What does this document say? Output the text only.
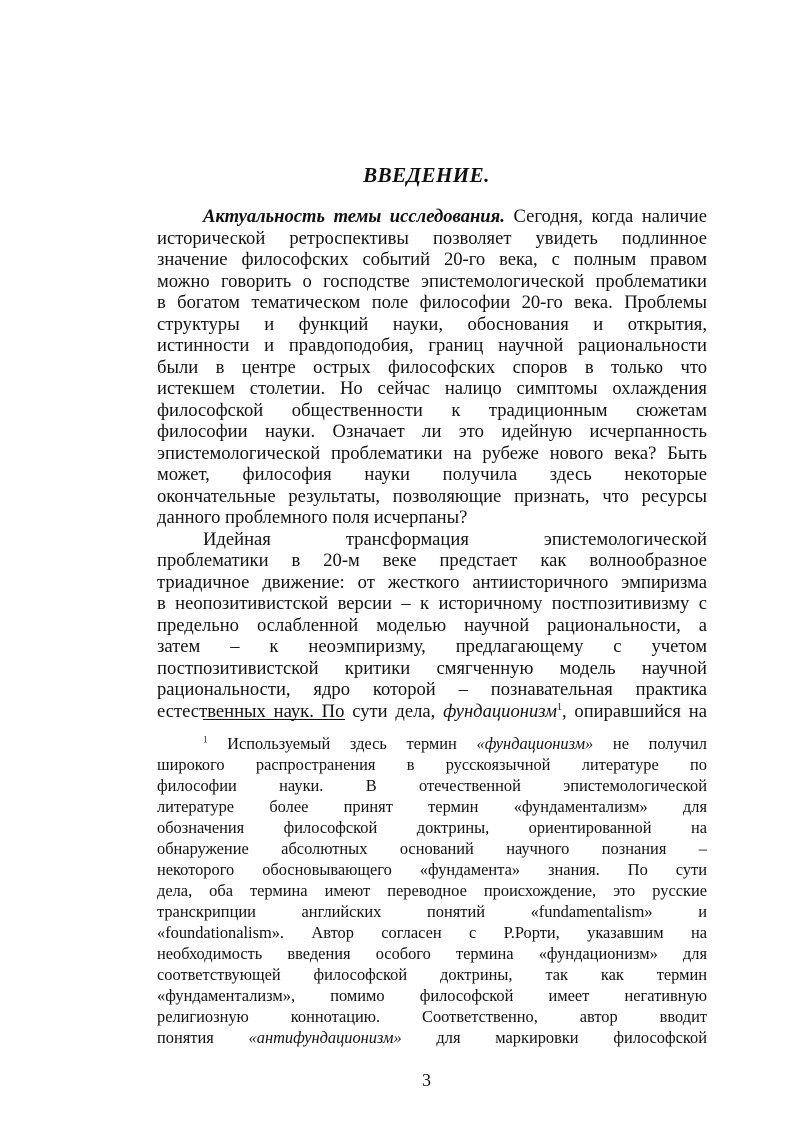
ВВЕДЕНИЕ.
Актуальность темы исследования. Сегодня, когда наличие
исторической ретроспективы позволяет увидеть подлинное
значение философских событий 20-го века, с полным правом
можно говорить о господстве эпистемологической проблематики
в богатом тематическом поле философии 20-го века. Проблемы
структуры и функций науки, обоснования и открытия,
истинности и правдоподобия, границ научной рациональности
были в центре острых философских споров в только что
истекшем столетии. Но сейчас налицо симптомы охлаждения
философской общественности к традиционным сюжетам
философии науки. Означает ли это идейную исчерпанность
эпистемологической проблематики на рубеже нового века? Быть
может, философия науки получила здесь некоторые
окончательные результаты, позволяющие признать, что ресурсы
данного проблемного поля исчерпаны?
Идейная трансформация эпистемологической
проблематики в 20-м веке предстает как волнообразное
триадичное движение: от жесткого антиисторичного эмпиризма
в неопозитивистской версии – к историчному постпозитивизму с
предельно ослабленной моделью научной рациональности, а
затем – к неоэмпиризму, предлагающему с учетом
постпозитивистской критики смягченную модель научной
рациональности, ядро которой – познавательная практика
естественных наук. По сути дела, фундационизм$^1$, опиравшийся на
$^1$ Используемый здесь термин «фундационизм» не получил
широкого распространения в русскоязычной литературе по
философии науки. В отечественной эпистемологической
литературе более принят термин «фундаментализм» для
обозначения философской доктрины, ориентированной на
обнаружение абсолютных оснований научного познания –
некоторого обосновывающего «фундамента» знания. По сути
дела, оба термина имеют переводное происхождение, это русские
транскрипции английских понятий «fundamentalism» и
«foundationalism». Автор согласен с Р.Рорти, указавшим на
необходимость введения особого термина «фундационизм» для
соответствующей философской доктрины, так как термин
«фундаментализм», помимо философской имеет негативную
религиозную коннотацию. Соответственно, автор вводит
понятия «антифундационизм» для маркировки философской
3
